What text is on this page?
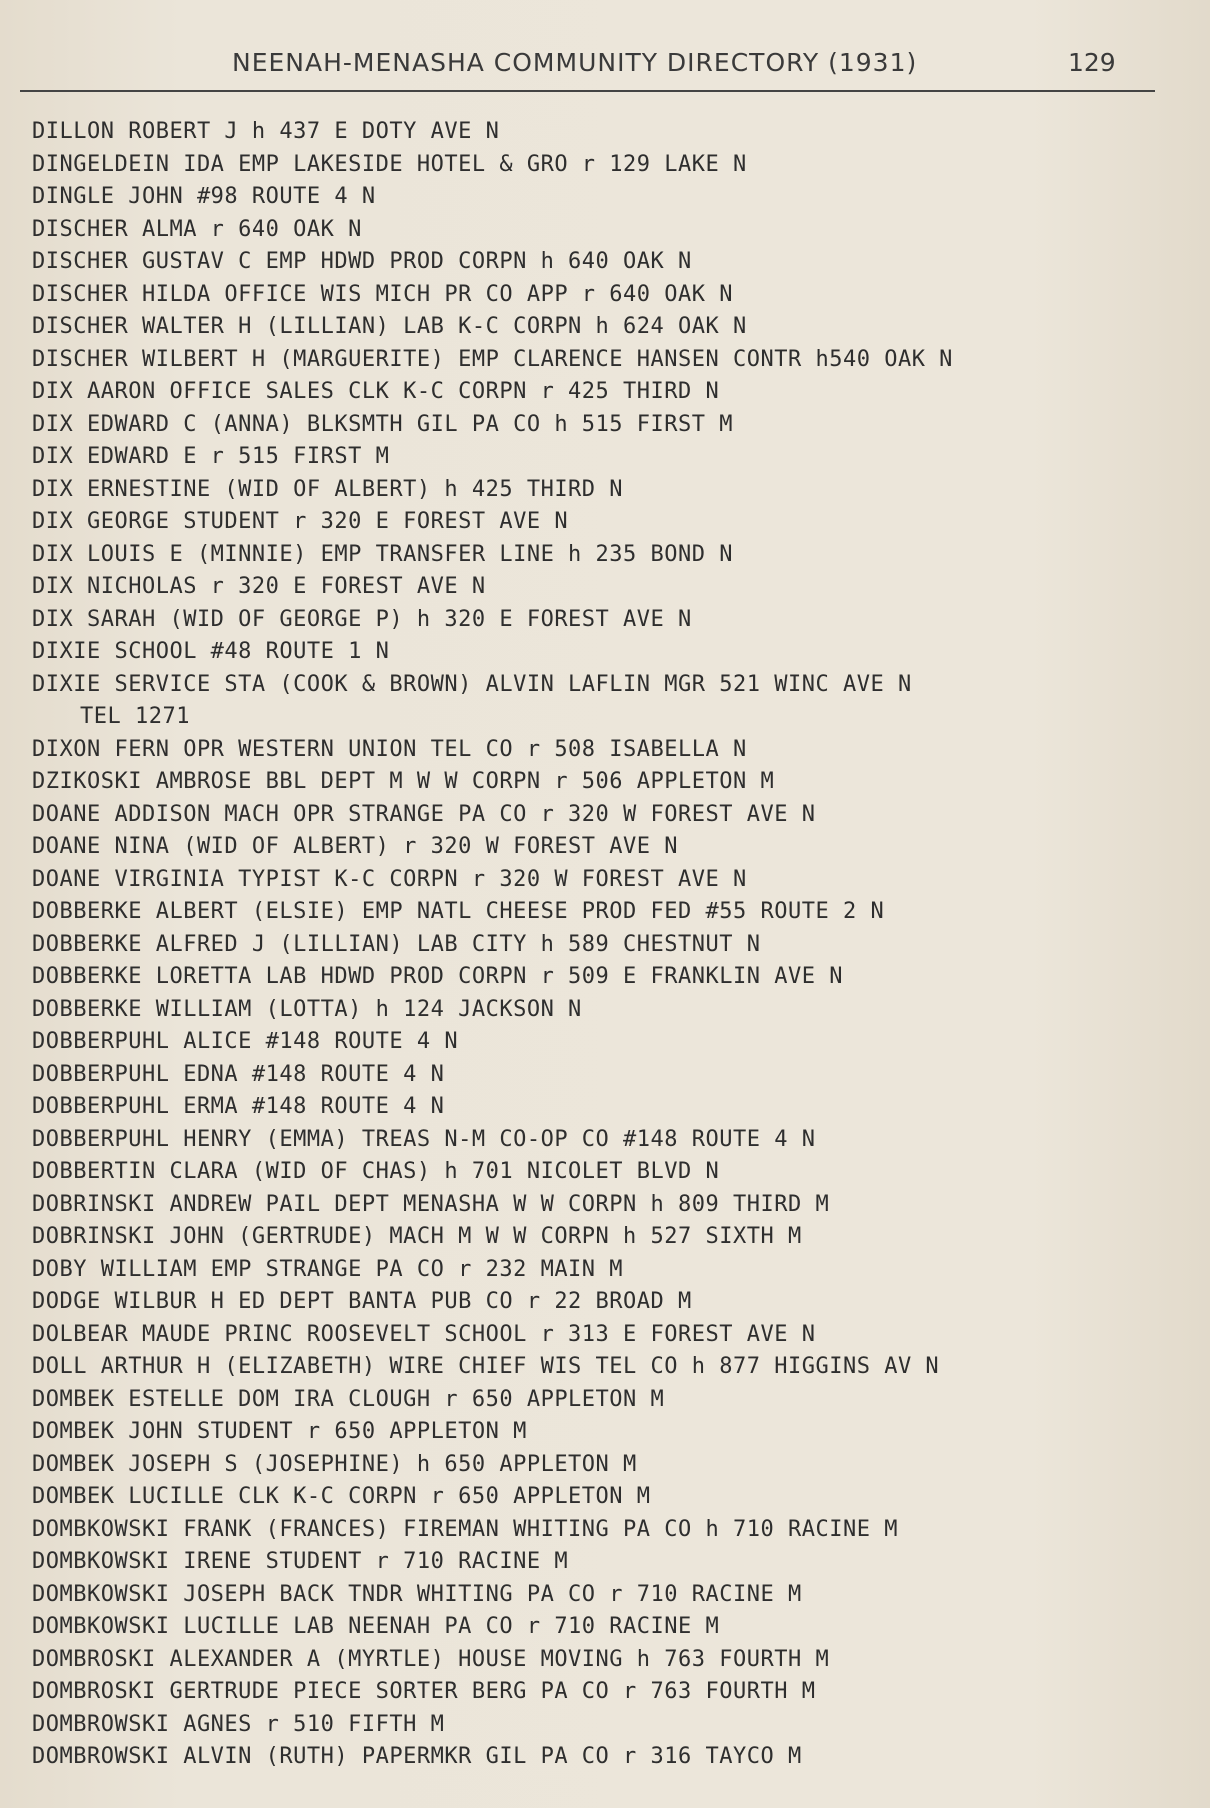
NEENAH-MENASHA COMMUNITY DIRECTORY (1931)	129
DILLON ROBERT J h 437 E DOTY AVE N
DINGELDEIN IDA EMP LAKESIDE HOTEL & GRO r 129 LAKE N
DINGLE JOHN #98 ROUTE 4 N
DISCHER ALMA r 640 OAK N
DISCHER GUSTAV C EMP HDWD PROD CORPN h 640 OAK N
DISCHER HILDA OFFICE WIS MICH PR CO APP r 640 OAK N
DISCHER WALTER H (LILLIAN) LAB K-C CORPN h 624 OAK N
DISCHER WILBERT H (MARGUERITE) EMP CLARENCE HANSEN CONTR h540 OAK N
DIX AARON OFFICE SALES CLK K-C CORPN r 425 THIRD N
DIX EDWARD C (ANNA) BLKSMTH GIL PA CO h 515 FIRST M
DIX EDWARD E r 515 FIRST M
DIX ERNESTINE (WID OF ALBERT) h 425 THIRD N
DIX GEORGE STUDENT r 320 E FOREST AVE N
DIX LOUIS E (MINNIE) EMP TRANSFER LINE h 235 BOND N
DIX NICHOLAS r 320 E FOREST AVE N
DIX SARAH (WID OF GEORGE P) h 320 E FOREST AVE N
DIXIE SCHOOL #48 ROUTE 1 N
DIXIE SERVICE STA (COOK & BROWN) ALVIN LAFLIN MGR 521 WINC AVE N
TEL 1271
DIXON FERN OPR WESTERN UNION TEL CO r 508 ISABELLA N
DZIKOSKI AMBROSE BBL DEPT M W W CORPN r 506 APPLETON M
DOANE ADDISON MACH OPR STRANGE PA CO r 320 W FOREST AVE N
DOANE NINA (WID OF ALBERT) r 320 W FOREST AVE N
DOANE VIRGINIA TYPIST K-C CORPN r 320 W FOREST AVE N
DOBBERKE ALBERT (ELSIE) EMP NATL CHEESE PROD FED #55 ROUTE 2 N
DOBBERKE ALFRED J (LILLIAN) LAB CITY h 589 CHESTNUT N
DOBBERKE LORETTA LAB HDWD PROD CORPN r 509 E FRANKLIN AVE N
DOBBERKE WILLIAM (LOTTA) h 124 JACKSON N
DOBBERPUHL ALICE #148 ROUTE 4 N
DOBBERPUHL EDNA #148 ROUTE 4 N
DOBBERPUHL ERMA #148 ROUTE 4 N
DOBBERPUHL HENRY (EMMA) TREAS N-M CO-OP CO #148 ROUTE 4 N
DOBBERTIN CLARA (WID OF CHAS) h 701 NICOLET BLVD N
DOBRINSKI ANDREW PAIL DEPT MENASHA W W CORPN h 809 THIRD M
DOBRINSKI JOHN (GERTRUDE) MACH M W W CORPN h 527 SIXTH M
DOBY WILLIAM EMP STRANGE PA CO r 232 MAIN M
DODGE WILBUR H ED DEPT BANTA PUB CO r 22 BROAD M
DOLBEAR MAUDE PRINC ROOSEVELT SCHOOL r 313 E FOREST AVE N
DOLL ARTHUR H (ELIZABETH) WIRE CHIEF WIS TEL CO h 877 HIGGINS AV N
DOMBEK ESTELLE DOM IRA CLOUGH r 650 APPLETON M
DOMBEK JOHN STUDENT r 650 APPLETON M
DOMBEK JOSEPH S (JOSEPHINE) h 650 APPLETON M
DOMBEK LUCILLE CLK K-C CORPN r 650 APPLETON M
DOMBKOWSKI FRANK (FRANCES) FIREMAN WHITING PA CO h 710 RACINE M
DOMBKOWSKI IRENE STUDENT r 710 RACINE M
DOMBKOWSKI JOSEPH BACK TNDR WHITING PA CO r 710 RACINE M
DOMBKOWSKI LUCILLE LAB NEENAH PA CO r 710 RACINE M
DOMBROSKI ALEXANDER A (MYRTLE) HOUSE MOVING h 763 FOURTH M
DOMBROSKI GERTRUDE PIECE SORTER BERG PA CO r 763 FOURTH M
DOMBROWSKI AGNES r 510 FIFTH M
DOMBROWSKI ALVIN (RUTH) PAPERMKR GIL PA CO r 316 TAYCO M
